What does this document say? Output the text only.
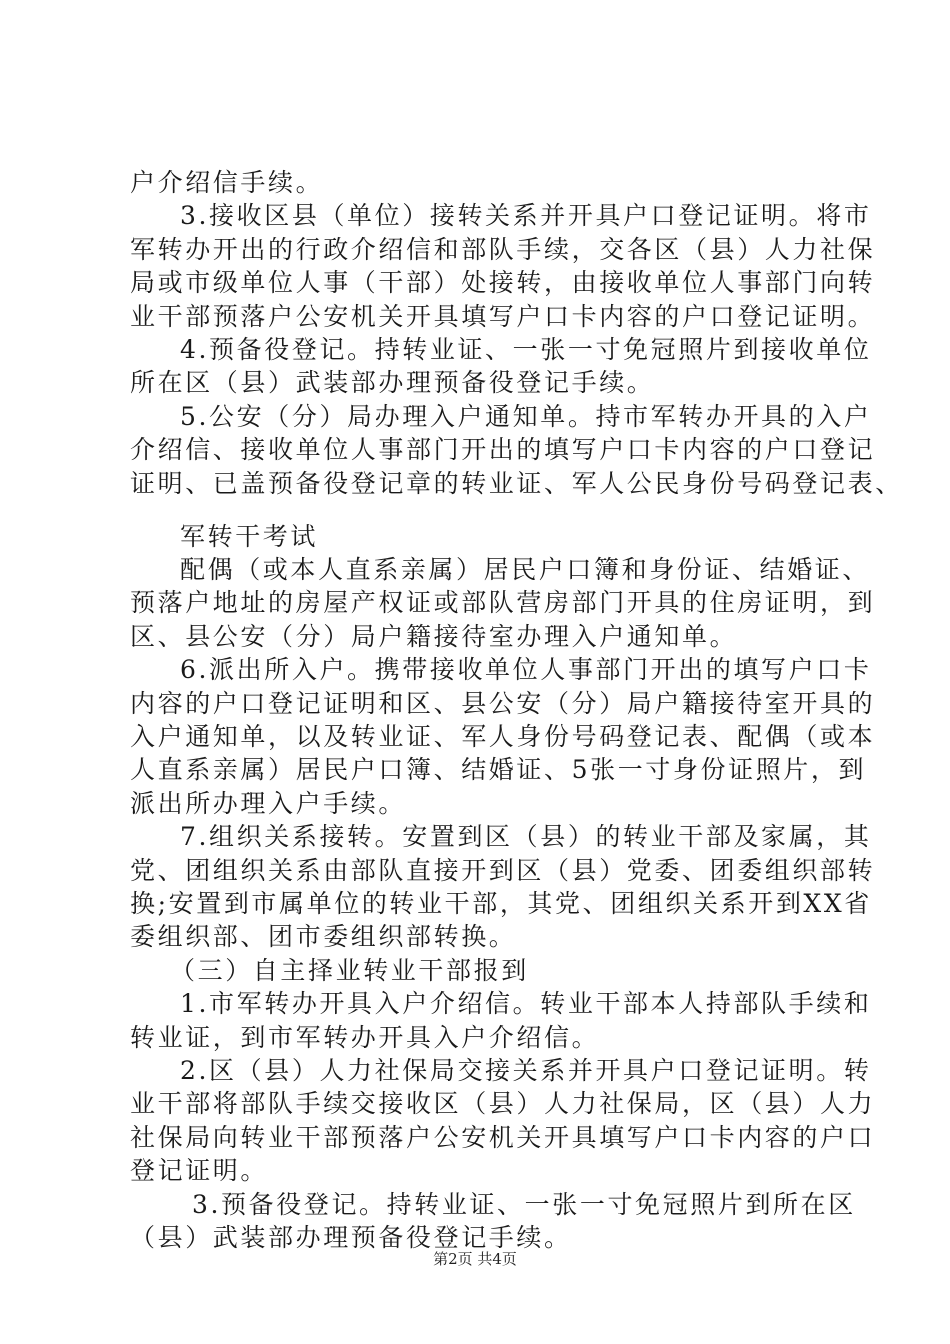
户介绍信手续。
3.接收区县（单位）接转关系并开具户口登记证明。将市
军转办开出的行政介绍信和部队手续，交各区（县）人力社保
局或市级单位人事（干部）处接转，由接收单位人事部门向转
业干部预落户公安机关开具填写户口卡内容的户口登记证明。
4.预备役登记。持转业证、一张一寸免冠照片到接收单位
所在区（县）武装部办理预备役登记手续。
5.公安（分）局办理入户通知单。持市军转办开具的入户
介绍信、接收单位人事部门开出的填写户口卡内容的户口登记
证明、已盖预备役登记章的转业证、军人公民身份号码登记表、
军转干考试
配偶（或本人直系亲属）居民户口簿和身份证、结婚证、
预落户地址的房屋产权证或部队营房部门开具的住房证明，到
区、县公安（分）局户籍接待室办理入户通知单。
6.派出所入户。携带接收单位人事部门开出的填写户口卡
内容的户口登记证明和区、县公安（分）局户籍接待室开具的
入户通知单，以及转业证、军人身份号码登记表、配偶（或本
人直系亲属）居民户口簿、结婚证、5张一寸身份证照片，到
派出所办理入户手续。
7.组织关系接转。安置到区（县）的转业干部及家属，其
党、团组织关系由部队直接开到区（县）党委、团委组织部转
换;安置到市属单位的转业干部，其党、团组织关系开到XX省
委组织部、团市委组织部转换。
（三）自主择业转业干部报到
1.市军转办开具入户介绍信。转业干部本人持部队手续和
转业证，到市军转办开具入户介绍信。
2.区（县）人力社保局交接关系并开具户口登记证明。转
业干部将部队手续交接收区（县）人力社保局，区（县）人力
社保局向转业干部预落户公安机关开具填写户口卡内容的户口
登记证明。
第2页 共4页
3.预备役登记。持转业证、一张一寸免冠照片到所在区
（县）武装部办理预备役登记手续。
